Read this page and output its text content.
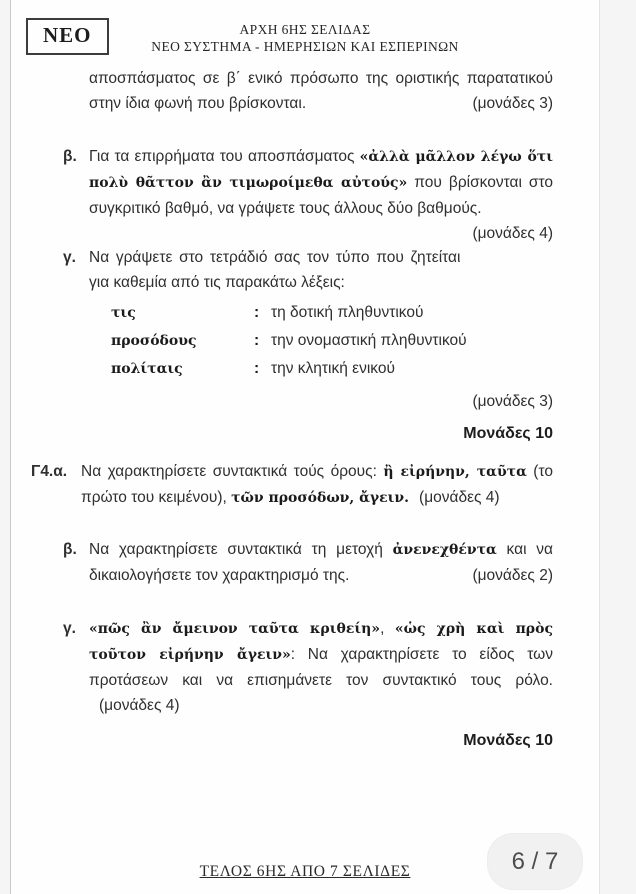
ΝΕΟ	ΑΡΧΗ 6ΗΣ ΣΕΛΙΔΑΣ
ΝΕΟ ΣΥΣΤΗΜΑ - ΗΜΕΡΗΣΙΩΝ ΚΑΙ ΕΣΠΕΡΙΝΩΝ
αποσπάσματος σε β΄ ενικό πρόσωπο της οριστικής παρατατικού στην ίδια φωνή που βρίσκονται.	(μονάδες 3)
β. Για τα επιρρήματα του αποσπάσματος «ἀλλὰ μᾶλλον λέγω ὅτι πολὺ θᾶττον ἂν τιμωροίμεθα αὐτούς» που βρίσκονται στο συγκριτικό βαθμό, να γράψετε τους άλλους δύο βαθμούς.
(μονάδες 4)
γ. Να γράψετε στο τετράδιό σας τον τύπο που ζητείται για καθεμία από τις παρακάτω λέξεις:
τις	: τη δοτική πληθυντικού
προσόδους	: την ονομαστική πληθυντικού
πολίταις	: την κλητική ενικού
(μονάδες 3)
Μονάδες 10
Γ4.α. Να χαρακτηρίσετε συντακτικά τούς όρους: ἢ εἰρήνην, ταῦτα (το πρώτο του κειμένου), τῶν προσόδων, ἄγειν. (μονάδες 4)
β. Να χαρακτηρίσετε συντακτικά τη μετοχή ἀνενεχθέντα και να δικαιολογήσετε τον χαρακτηρισμό της.	(μονάδες 2)
γ. «πῶς ἂν ἄμεινον ταῦτα κριθείη», «ὡς χρὴ καὶ πρὸς τοῦτον εἰρήνην ἄγειν»: Να χαρακτηρίσετε το είδος των προτάσεων και να επισημάνετε τον συντακτικό τους ρόλο.(μονάδες 4)
Μονάδες 10
ΤΕΛΟΣ 6ΗΣ ΑΠΟ 7 ΣΕΛΙΔΕΣ	6 / 7
